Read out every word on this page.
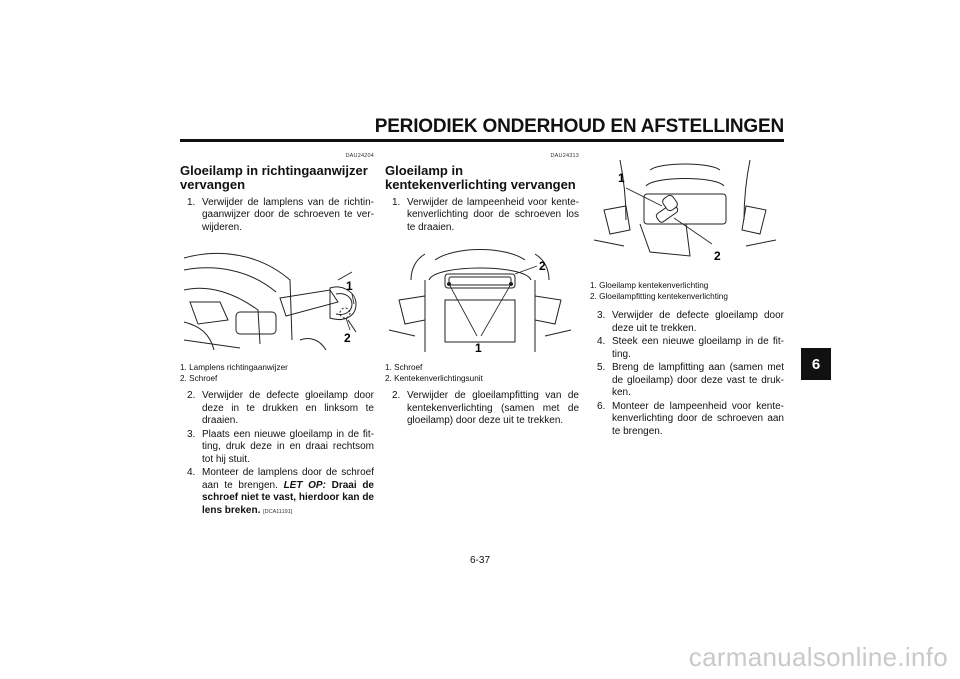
PERIODIEK ONDERHOUD EN AFSTELLINGEN
6
DAU24204
Gloeilamp in richtingaanwijzer vervangen
1. Verwijder de lamplens van de richtin-gaanwijzer door de schroeven te ver-wijderen.
1
2
1. Lamplens richtingaanwijzer
2. Schroef
2. Verwijder de defecte gloeilamp door deze in te drukken en linksom te draaien.
3. Plaats een nieuwe gloeilamp in de fit-ting, druk deze in en draai rechtsom tot hij stuit.
4. Monteer de lamplens door de schroef aan te brengen. LET OP: Draai de schroef niet te vast, hierdoor kan de lens breken. [DCA11191]
DAU24313
Gloeilamp in kentekenverlichting vervangen
1. Verwijder de lampeenheid voor kente-kenverlichting door de schroeven los te draaien.
2
1
1. Schroef
2. Kentekenverlichtingsunit
2. Verwijder de gloeilampfitting van de kentekenverlichting (samen met de gloeilamp) door deze uit te trekken.
1
2
1. Gloeilamp kentekenverlichting
2. Gloeilampfitting kentekenverlichting
3. Verwijder de defecte gloeilamp door deze uit te trekken.
4. Steek een nieuwe gloeilamp in de fit-ting.
5. Breng de lampfitting aan (samen met de gloeilamp) door deze vast te druk-ken.
6. Monteer de lampeenheid voor kente-kenverlichting door de schroeven aan te brengen.
6-37
carmanualsonline.info
